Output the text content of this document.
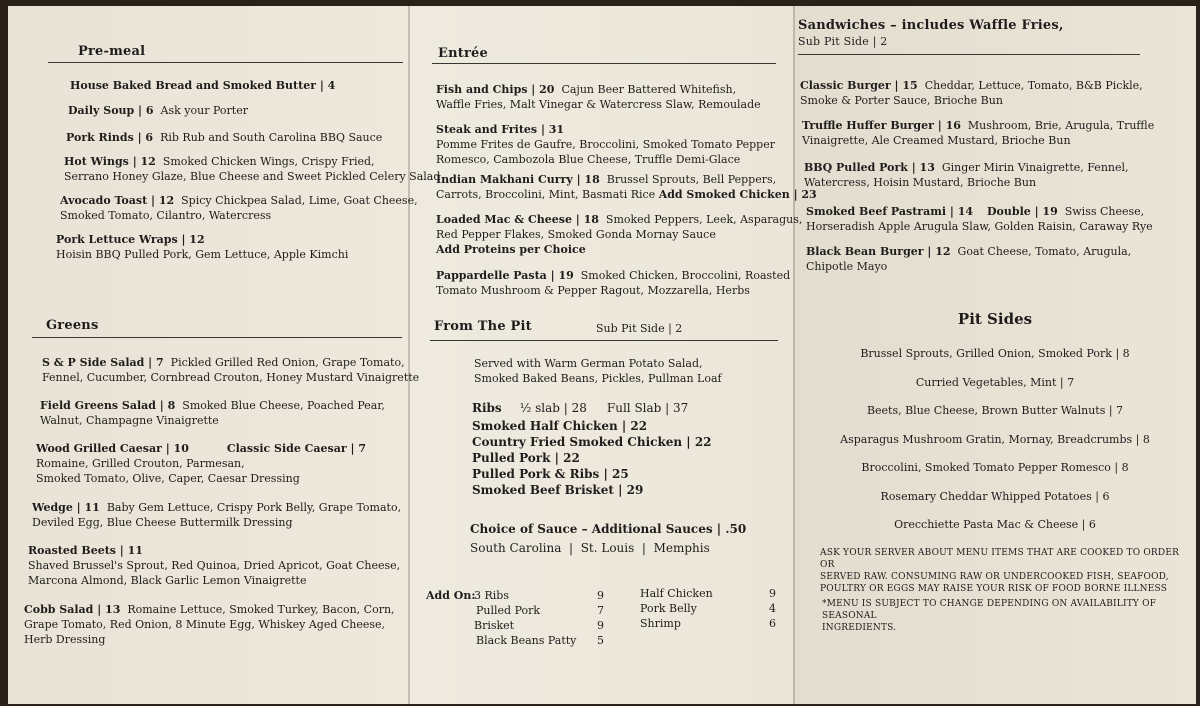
Pre-meal
House Baked Bread and Smoked Butter | 4
Daily Soup | 6 Ask your Porter
Pork Rinds | 6 Rib Rub and South Carolina BBQ Sauce
Hot Wings | 12 Smoked Chicken Wings, Crispy Fried,
Serrano Honey Glaze, Blue Cheese and Sweet Pickled Celery Salad
Avocado Toast | 12 Spicy Chickpea Salad, Lime, Goat Cheese,
Smoked Tomato, Cilantro, Watercress
Pork Lettuce Wraps | 12
Hoisin BBQ Pulled Pork, Gem Lettuce, Apple Kimchi
Greens
S & P Side Salad | 7 Pickled Grilled Red Onion, Grape Tomato,
Fennel, Cucumber, Cornbread Crouton, Honey Mustard Vinaigrette
Field Greens Salad | 8 Smoked Blue Cheese, Poached Pear,
Walnut, Champagne Vinaigrette
Wood Grilled Caesar | 10	Classic Side Caesar | 7
Romaine, Grilled Crouton, Parmesan,
Smoked Tomato, Olive, Caper, Caesar Dressing
Wedge | 11 Baby Gem Lettuce, Crispy Pork Belly, Grape Tomato,
Deviled Egg, Blue Cheese Buttermilk Dressing
Roasted Beets | 11
Shaved Brussel's Sprout, Red Quinoa, Dried Apricot, Goat Cheese,
Marcona Almond, Black Garlic Lemon Vinaigrette
Cobb Salad | 13 Romaine Lettuce, Smoked Turkey, Bacon, Corn,
Grape Tomato, Red Onion, 8 Minute Egg, Whiskey Aged Cheese,
Herb Dressing
Entrée
Fish and Chips | 20 Cajun Beer Battered Whitefish,
Waffle Fries, Malt Vinegar & Watercress Slaw, Remoulade
Steak and Frites | 31
Pomme Frites de Gaufre, Broccolini, Smoked Tomato Pepper
Romesco, Cambozola Blue Cheese, Truffle Demi-Glace
Indian Makhani Curry | 18 Brussel Sprouts, Bell Peppers,
Carrots, Broccolini, Mint, Basmati Rice Add Smoked Chicken | 23
Loaded Mac & Cheese | 18 Smoked Peppers, Leek, Asparagus,
Red Pepper Flakes, Smoked Gonda Mornay Sauce
Add Proteins per Choice
Pappardelle Pasta | 19 Smoked Chicken, Broccolini, Roasted
Tomato Mushroom & Pepper Ragout, Mozzarella, Herbs
From The Pit	Sub Pit Side | 2
Served with Warm German Potato Salad,
Smoked Baked Beans, Pickles, Pullman Loaf
Ribs ½ slab | 28 Full Slab | 37
Smoked Half Chicken | 22
Country Fried Smoked Chicken | 22
Pulled Pork | 22
Pulled Pork & Ribs | 25
Smoked Beef Brisket | 29
Choice of Sauce – Additional Sauces | .50
South Carolina  |  St. Louis  |  Memphis
Add On:
3 Ribs	9
Pulled Pork	7
Brisket	9
Black Beans Patty 5
Half Chicken	9
Pork Belly	4
Shrimp	6
Sandwiches – includes Waffle Fries,
Sub Pit Side | 2
Classic Burger | 15 Cheddar, Lettuce, Tomato, B&B Pickle,
Smoke & Porter Sauce, Brioche Bun
Truffle Huffer Burger | 16 Mushroom, Brie, Arugula, Truffle
Vinaigrette, Ale Creamed Mustard, Brioche Bun
BBQ Pulled Pork | 13 Ginger Mirin Vinaigrette, Fennel,
Watercress, Hoisin Mustard, Brioche Bun
Smoked Beef Pastrami | 14 Double | 19 Swiss Cheese,
Horseradish Apple Arugula Slaw, Golden Raisin, Caraway Rye
Black Bean Burger | 12 Goat Cheese, Tomato, Arugula,
Chipotle Mayo
Pit Sides
Brussel Sprouts, Grilled Onion, Smoked Pork | 8
Curried Vegetables, Mint | 7
Beets, Blue Cheese, Brown Butter Walnuts | 7
Asparagus Mushroom Gratin, Mornay, Breadcrumbs | 8
Broccolini, Smoked Tomato Pepper Romesco | 8
Rosemary Cheddar Whipped Potatoes | 6
Orecchiette Pasta Mac & Cheese | 6
ASK YOUR SERVER ABOUT MENU ITEMS THAT ARE COOKED TO ORDER OR
SERVED RAW. CONSUMING RAW OR UNDERCOOKED FISH, SEAFOOD,
POULTRY OR EGGS MAY RAISE YOUR RISK OF FOOD BORNE ILLNESS
*MENU IS SUBJECT TO CHANGE DEPENDING ON AVAILABILITY OF SEASONAL
INGREDIENTS.
